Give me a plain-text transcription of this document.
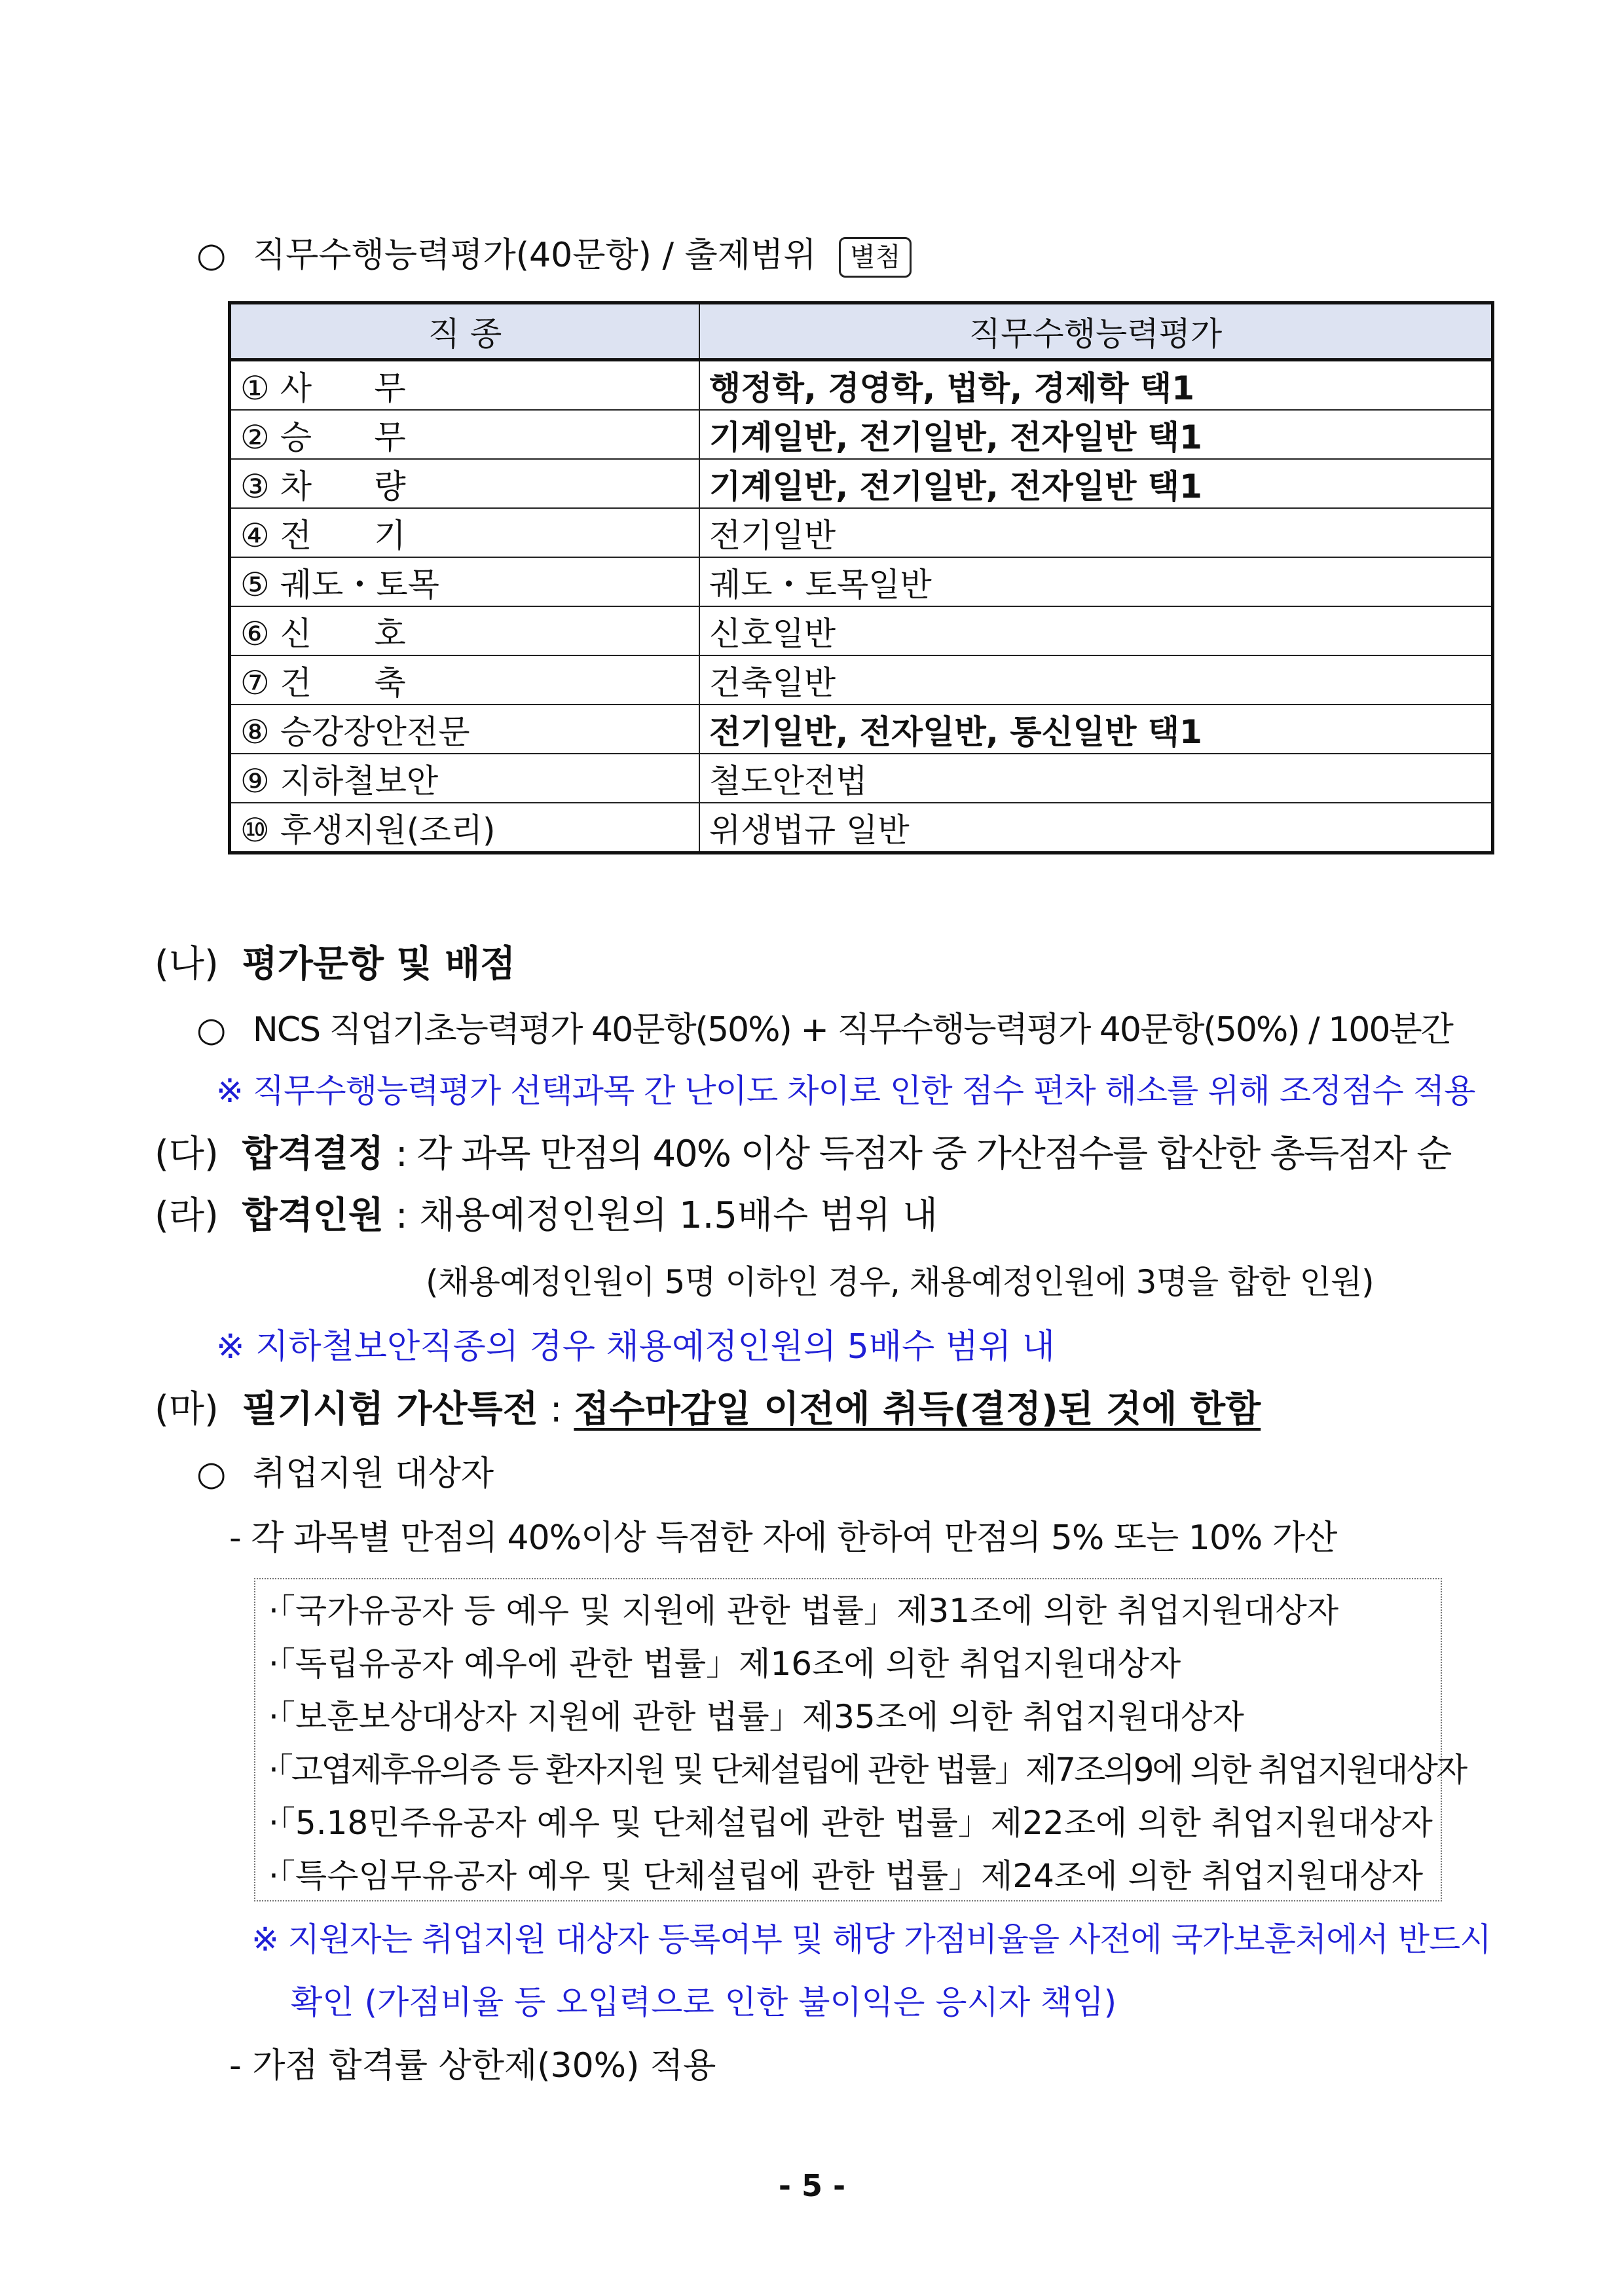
○ 직무수행능력평가(40문항) / 출제범위 별첨
직 종	직무수행능력평가
① 사      무	행정학, 경영학, 법학, 경제학 택1
② 승      무	기계일반, 전기일반, 전자일반 택1
③ 차      량	기계일반, 전기일반, 전자일반 택1
④ 전      기	전기일반
⑤ 궤도・토목	궤도・토목일반
⑥ 신      호	신호일반
⑦ 건      축	건축일반
⑧ 승강장안전문	전기일반, 전자일반, 통신일반 택1
⑨ 지하철보안	철도안전법
⑩ 후생지원(조리)	위생법규 일반
(나) 평가문항 및 배점
○ NCS 직업기초능력평가 40문항(50%) + 직무수행능력평가 40문항(50%) / 100분간
※ 직무수행능력평가 선택과목 간 난이도 차이로 인한 점수 편차 해소를 위해 조정점수 적용
(다) 합격결정 : 각 과목 만점의 40% 이상 득점자 중 가산점수를 합산한 총득점자 순
(라) 합격인원 : 채용예정인원의 1.5배수 범위 내
(채용예정인원이 5명 이하인 경우, 채용예정인원에 3명을 합한 인원)
※ 지하철보안직종의 경우 채용예정인원의 5배수 범위 내
(마) 필기시험 가산특전 : 접수마감일 이전에 취득(결정)된 것에 한함
○ 취업지원 대상자
- 각 과목별 만점의 40%이상 득점한 자에 한하여 만점의 5% 또는 10% 가산
·「국가유공자 등 예우 및 지원에 관한 법률」제31조에 의한 취업지원대상자
·「독립유공자 예우에 관한 법률」제16조에 의한 취업지원대상자
·「보훈보상대상자 지원에 관한 법률」제35조에 의한 취업지원대상자
·「고엽제후유의증 등 환자지원 및 단체설립에 관한 법률」제7조의9에 의한 취업지원대상자
·「5.18민주유공자 예우 및 단체설립에 관한 법률」제22조에 의한 취업지원대상자
·「특수임무유공자 예우 및 단체설립에 관한 법률」제24조에 의한 취업지원대상자
※ 지원자는 취업지원 대상자 등록여부 및 해당 가점비율을 사전에 국가보훈처에서 반드시
확인 (가점비율 등 오입력으로 인한 불이익은 응시자 책임)
- 가점 합격률 상한제(30%) 적용
- 5 -
